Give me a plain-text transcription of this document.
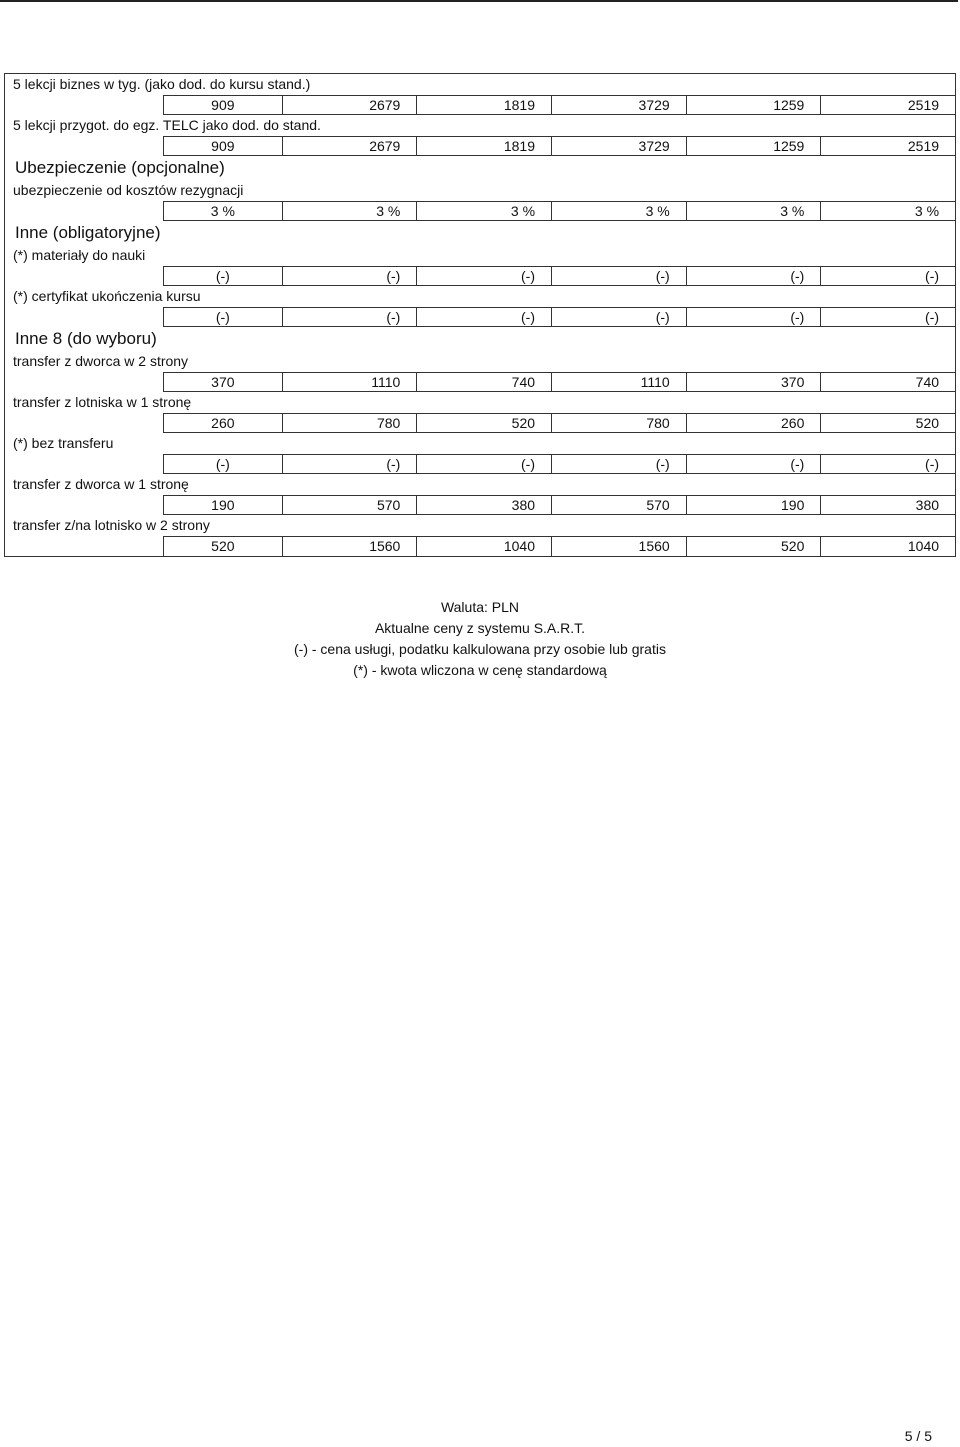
5 lekcji biznes w tyg. (jako dod. do kursu stand.)
909	2679	1819	3729	1259	2519
5 lekcji przygot. do egz. TELC jako dod. do stand.
909	2679	1819	3729	1259	2519
Ubezpieczenie (opcjonalne)
ubezpieczenie od kosztów rezygnacji
3 %	3 %	3 %	3 %	3 %	3 %
Inne (obligatoryjne)
(*) materiały do nauki
(-)	(-)	(-)	(-)	(-)	(-)
(*) certyfikat ukończenia kursu
(-)	(-)	(-)	(-)	(-)	(-)
Inne 8 (do wyboru)
transfer z dworca w 2 strony
370	1110	740	1110	370	740
transfer z lotniska w 1 stronę
260	780	520	780	260	520
(*) bez transferu
(-)	(-)	(-)	(-)	(-)	(-)
transfer z dworca w 1 stronę
190	570	380	570	190	380
transfer z/na lotnisko w 2 strony
520	1560	1040	1560	520	1040
Waluta: PLN
Aktualne ceny z systemu S.A.R.T.
(-) - cena usługi, podatku kalkulowana przy osobie lub gratis
(*) - kwota wliczona w cenę standardową
5 / 5
